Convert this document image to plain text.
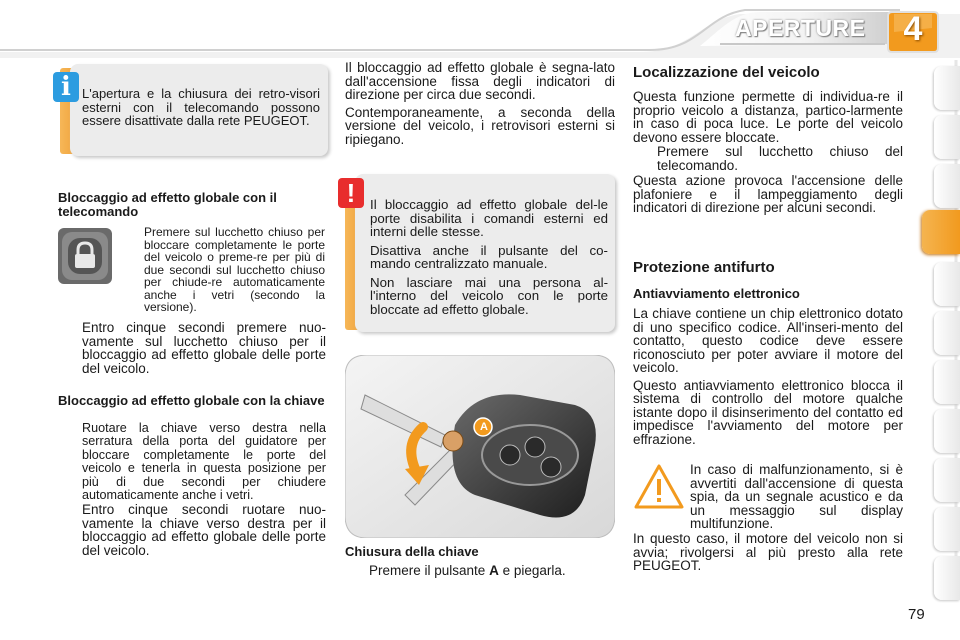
APERTURE	4
i L'apertura e la chiusura dei retro-visori esterni con il telecomando possono essere disattivate dalla rete PEUGEOT.
Bloccaggio ad effetto globale con il telecomando
Premere sul lucchetto chiuso per bloccare completamente le porte del veicolo o preme-re per più di due secondi sul lucchetto chiuso per chiude-re automaticamente anche i vetri (secondo la versione).
Entro cinque secondi premere nuo-vamente sul lucchetto chiuso per il bloccaggio ad effetto globale delle porte del veicolo.
Bloccaggio ad effetto globale con la chiave
Ruotare la chiave verso destra nella serratura della porta del guidatore per bloccare completamente le porte del veicolo e tenerla in questa posizione per più di due secondi per chiudere automaticamente anche i vetri.
Entro cinque secondi ruotare nuo-vamente la chiave verso destra per il bloccaggio ad effetto globale delle porte del veicolo.

Il bloccaggio ad effetto globale è segna-lato dall'accensione fissa degli indicatori di direzione per circa due secondi.

Contemporaneamente, a seconda della versione del veicolo, i retrovisori esterni si ripiegano.

!	Il bloccaggio ad effetto globale del-le porte disabilita i comandi esterni ed interni delle stesse.

Disattiva anche il pulsante del co-mando centralizzato manuale.

Non lasciare mai una persona al-l'interno del veicolo con le porte bloccate ad effetto globale.

A
Chiusura della chiave
Premere il pulsante A e piegarla.
Localizzazione del veicolo
Questa funzione permette di individua-re il proprio veicolo a distanza, partico-larmente in caso di poca luce. Le porte del veicolo devono essere bloccate.
Premere sul lucchetto chiuso del telecomando.
Questa azione provoca l'accensione delle plafoniere e il lampeggiamento degli indicatori di direzione per alcuni secondi.
Protezione antifurto
Antiavviamento elettronico

La chiave contiene un chip elettronico dotato di uno specifico codice. All'inseri-mento del contatto, questo codice deve essere riconosciuto per poter avviare il motore del veicolo.

Questo antiavviamento elettronico blocca il sistema di controllo del motore qualche istante dopo il disinserimento del contatto ed impedisce l'avviamento del motore per effrazione.

In caso di malfunzionamento, si è avvertiti dall'accensione di questa spia, da un segnale acustico e da un messaggio sul display multifunzione.
In questo caso, il motore del veicolo non si avvia; rivolgersi al più presto alla rete PEUGEOT.
79
